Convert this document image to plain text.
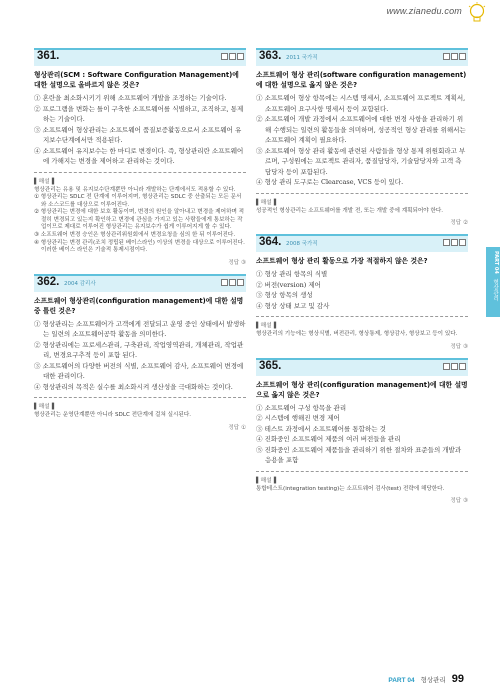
www.zianedu.com
361.
형상관리(SCM : Software Configuration Management)에 대한 설명으로 올바르지 않은 것은?
① 혼란을 최소화시키기 위해 소프트웨어 개발을 조정하는 기술이다.
② 프로그램을 변화는 틀이 구축한 소프트웨어를 식별하고, 조직하고, 통제하는 기술이다.
③ 소프트웨어 형상관리는 소프트웨어 품질보증활동으로서 소프트웨어 유지보수단계에서만 적용된다.
④ 소프트웨어 유지보수는 한 마디로 변경이다. 즉, 형상관리란 소프트웨어에 가해지는 변경을 제어하고 관리하는 것이다.
▌해설▐
형상관리는 유용 및 유지보수단계뿐만 아니라 개발하는 단계에서도 적용할 수 있다.
① 형상관리는 SDLC 전 단계에 이루어지며, 형상관리는 SDLC 중 산출되는 모든 문서와 소스코드를 대상으로 이루어진다.
② 형상관리는 변경에 대한 보호 활동이며, 변경의 원인을 알아내고 변경을 제어하며 적절히 변경되고 있는지 확인하고 변경에 관심을 가지고 있는 사람들에게 통보하는 작업이므로 제대로 이루어진 형상관리는 유지보수가 쉽게 이루어지게 할 수 있다.
③ 소프트웨어 변경 승인은 형상관리위원회에서 변경요청을 심의 한 뒤 이루어진다.
④ 형상관리는 변경 관리(조치 정립된 베이스라인) 이상의 변경을 대상으로 이루어진다. 이러한 베이스 라인은 기술적 통제시점이다.
정답 ③
362. 2004 감리사
소프트웨어 형상관리(configuration management)에 대한 설명 중 틀린 것은?
① 형상관리는 소프트웨어가 고객에게 전달되고 운영 중인 상태에서 발생하는 일련의 소프트웨어공학 활동을 의미한다.
② 형상관리에는 프로세스관리, 구축관리, 작업영역관리, 개체관리, 작업관리, 변경요구추적 등이 포함 된다.
③ 소프트웨어의 다양한 버전의 식별, 소프트웨어 감사, 소프트웨어 변경에 대한 관리이다.
④ 형상관리의 목적은 실수를 최소화시켜 생산성을 극대화하는 것이다.
▌해설▐
형상관리는 운영단계뿐만 아니라 SDLC 전단계에 걸쳐 실시된다.
정답 ①
363. 2011 국가직
소프트웨어 형상 관리(software configuration management)에 대한 설명으로 옳지 않은 것은?
① 소프트웨어 형상 항목에는 시스템 명세서, 소프트웨어 프로젝트 계획서, 소프트웨어 요구사항 명세서 등이 포함된다.
② 소프트웨어 개발 과정에서 소프트웨어에 대한 변경 사항을 관리하기 위해 수행되는 일련의 활동들을 의미하며, 성공적인 형상 관리를 위해서는 소프트웨어 계획이 필요하다.
③ 소프트웨어 형상 관리 활동에 관련된 사람들을 형상 통제 위원회라고 부르며, 구성원에는 프로젝트 관리자, 품질담당자, 기술담당자와 고객 측 담당자 등이 포함된다.
④ 형상 관리 도구로는 Clearcase, VCS 등이 있다.
▌해설▐
성공적인 형상관리는 소프트웨어를 개발 전, 또는 개발 중에 계획되어야 한다.
정답 ②
364. 2008 국가직
소프트웨어 형상 관리 활동으로 가장 적절하지 않은 것은?
① 형상 관리 항목의 식별
② 버전(version) 제어
③ 형상 항목의 생성
④ 형상 상태 보고 및 감사
▌해설▐
형상관리의 기능에는 형상식별, 버전관리, 형상통제, 형상감사, 형상보고 등이 있다.
정답 ③
365.
소프트웨어 형상 관리(configuration management)에 대한 설명으로 옳지 않은 것은?
① 소프트웨어 구성 항목을 관리
② 시스템에 행해진 변경 제어
③ 테스트 과정에서 소프트웨어를 통합하는 것
④ 진화중인 소프트웨어 제품의 여러 버전들을 관리
⑤ 진화중인 소프트웨어 제품들을 관리하기 위한 절차와 표준들의 개발과 응용을 포함
▌해설▐
통합테스트(integration testing)는 소프트웨어 검사(test) 전략에 해당한다.
정답 ③
PART 04
형상관리
PART 04 형상관리 99
